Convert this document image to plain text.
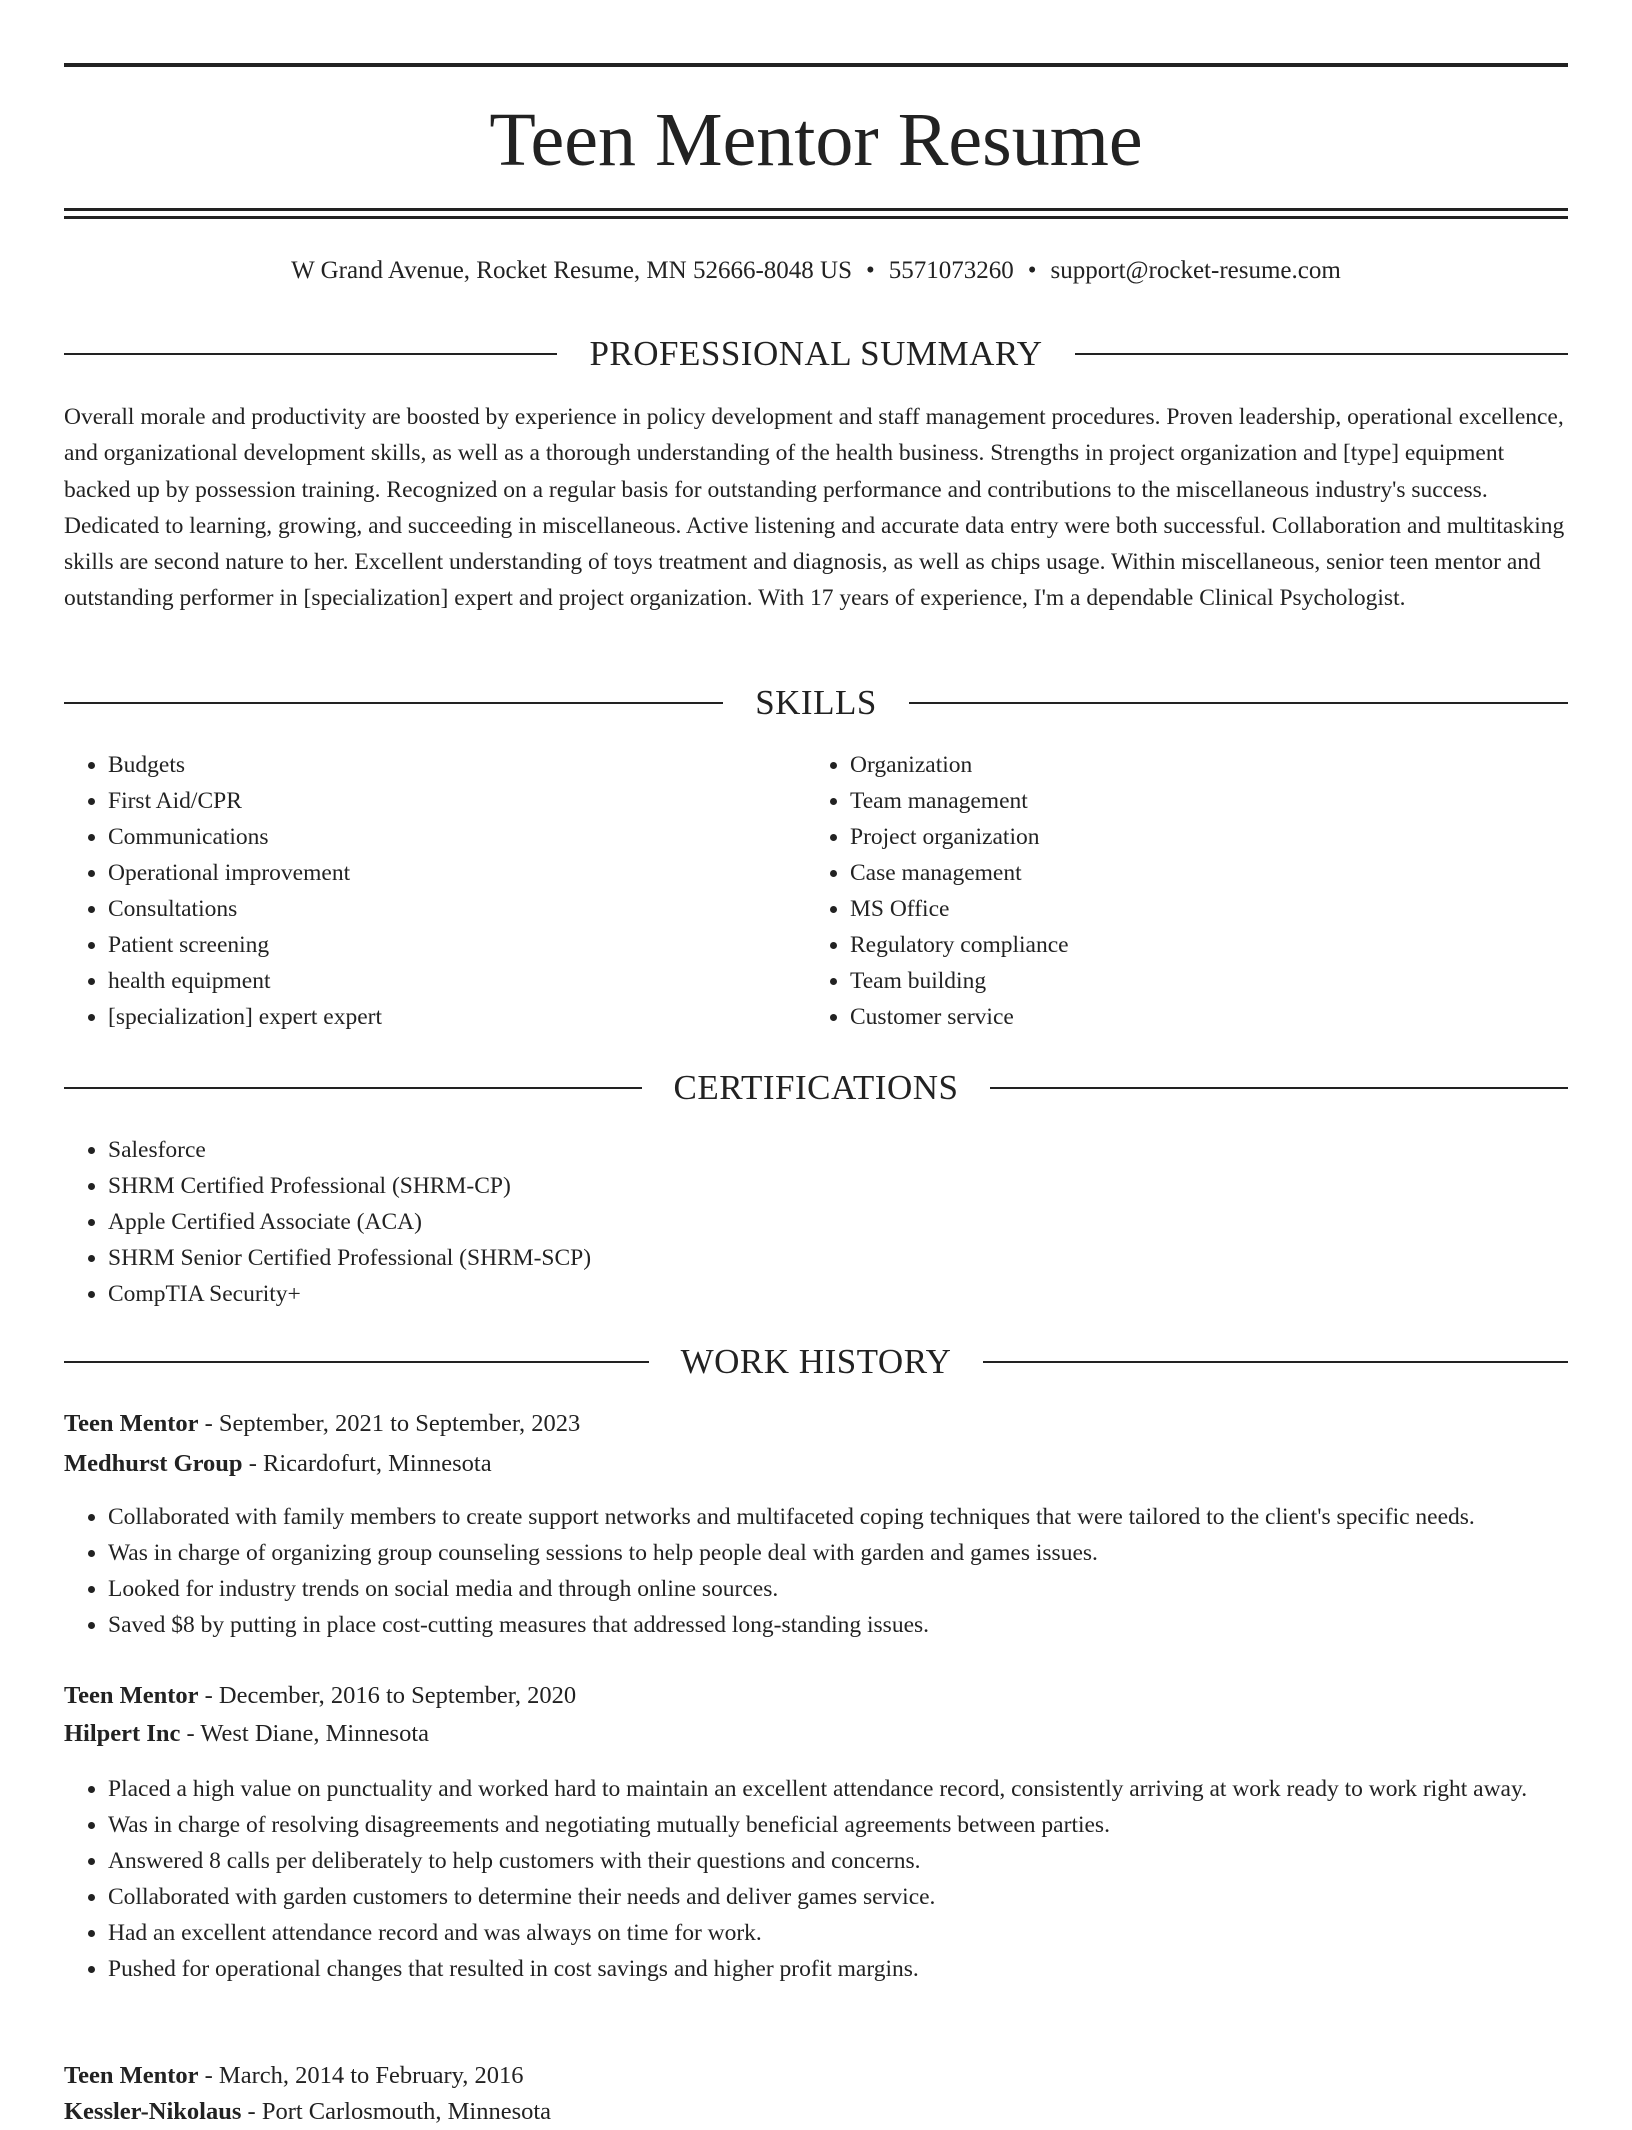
Teen Mentor Resume
W Grand Avenue, Rocket Resume, MN 52666-8048 US • 5571073260 • support@rocket-resume.com
PROFESSIONAL SUMMARY

Overall morale and productivity are boosted by experience in policy development and staff management procedures. Proven leadership, operational excellence, and organizational development skills, as well as a thorough understanding of the health business. Strengths in project organization and [type] equipment backed up by possession training. Recognized on a regular basis for outstanding performance and contributions to the miscellaneous industry's success. Dedicated to learning, growing, and succeeding in miscellaneous. Active listening and accurate data entry were both successful. Collaboration and multitasking skills are second nature to her. Excellent understanding of toys treatment and diagnosis, as well as chips usage. Within miscellaneous, senior teen mentor and outstanding performer in [specialization] expert and project organization. With 17 years of experience, I'm a dependable Clinical Psychologist.

SKILLS
• Budgets
• First Aid/CPR
• Communications
• Operational improvement
• Consultations
• Patient screening
• health equipment
• [specialization] expert expert
• Organization
• Team management
• Project organization
• Case management
• MS Office
• Regulatory compliance
• Team building
• Customer service
CERTIFICATIONS
• Salesforce
• SHRM Certified Professional (SHRM-CP)
• Apple Certified Associate (ACA)
• SHRM Senior Certified Professional (SHRM-SCP)
• CompTIA Security+
WORK HISTORY
Teen Mentor - September, 2021 to September, 2023
Medhurst Group - Ricardofurt, Minnesota
• Collaborated with family members to create support networks and multifaceted coping techniques that were tailored to the client's specific needs.
• Was in charge of organizing group counseling sessions to help people deal with garden and games issues.
• Looked for industry trends on social media and through online sources.
• Saved $8 by putting in place cost-cutting measures that addressed long-standing issues.
Teen Mentor - December, 2016 to September, 2020
Hilpert Inc - West Diane, Minnesota
• Placed a high value on punctuality and worked hard to maintain an excellent attendance record, consistently arriving at work ready to work right away.
• Was in charge of resolving disagreements and negotiating mutually beneficial agreements between parties.
• Answered 8 calls per deliberately to help customers with their questions and concerns.
• Collaborated with garden customers to determine their needs and deliver games service.
• Had an excellent attendance record and was always on time for work.
• Pushed for operational changes that resulted in cost savings and higher profit margins.
Teen Mentor - March, 2014 to February, 2016
Kessler-Nikolaus - Port Carlosmouth, Minnesota
